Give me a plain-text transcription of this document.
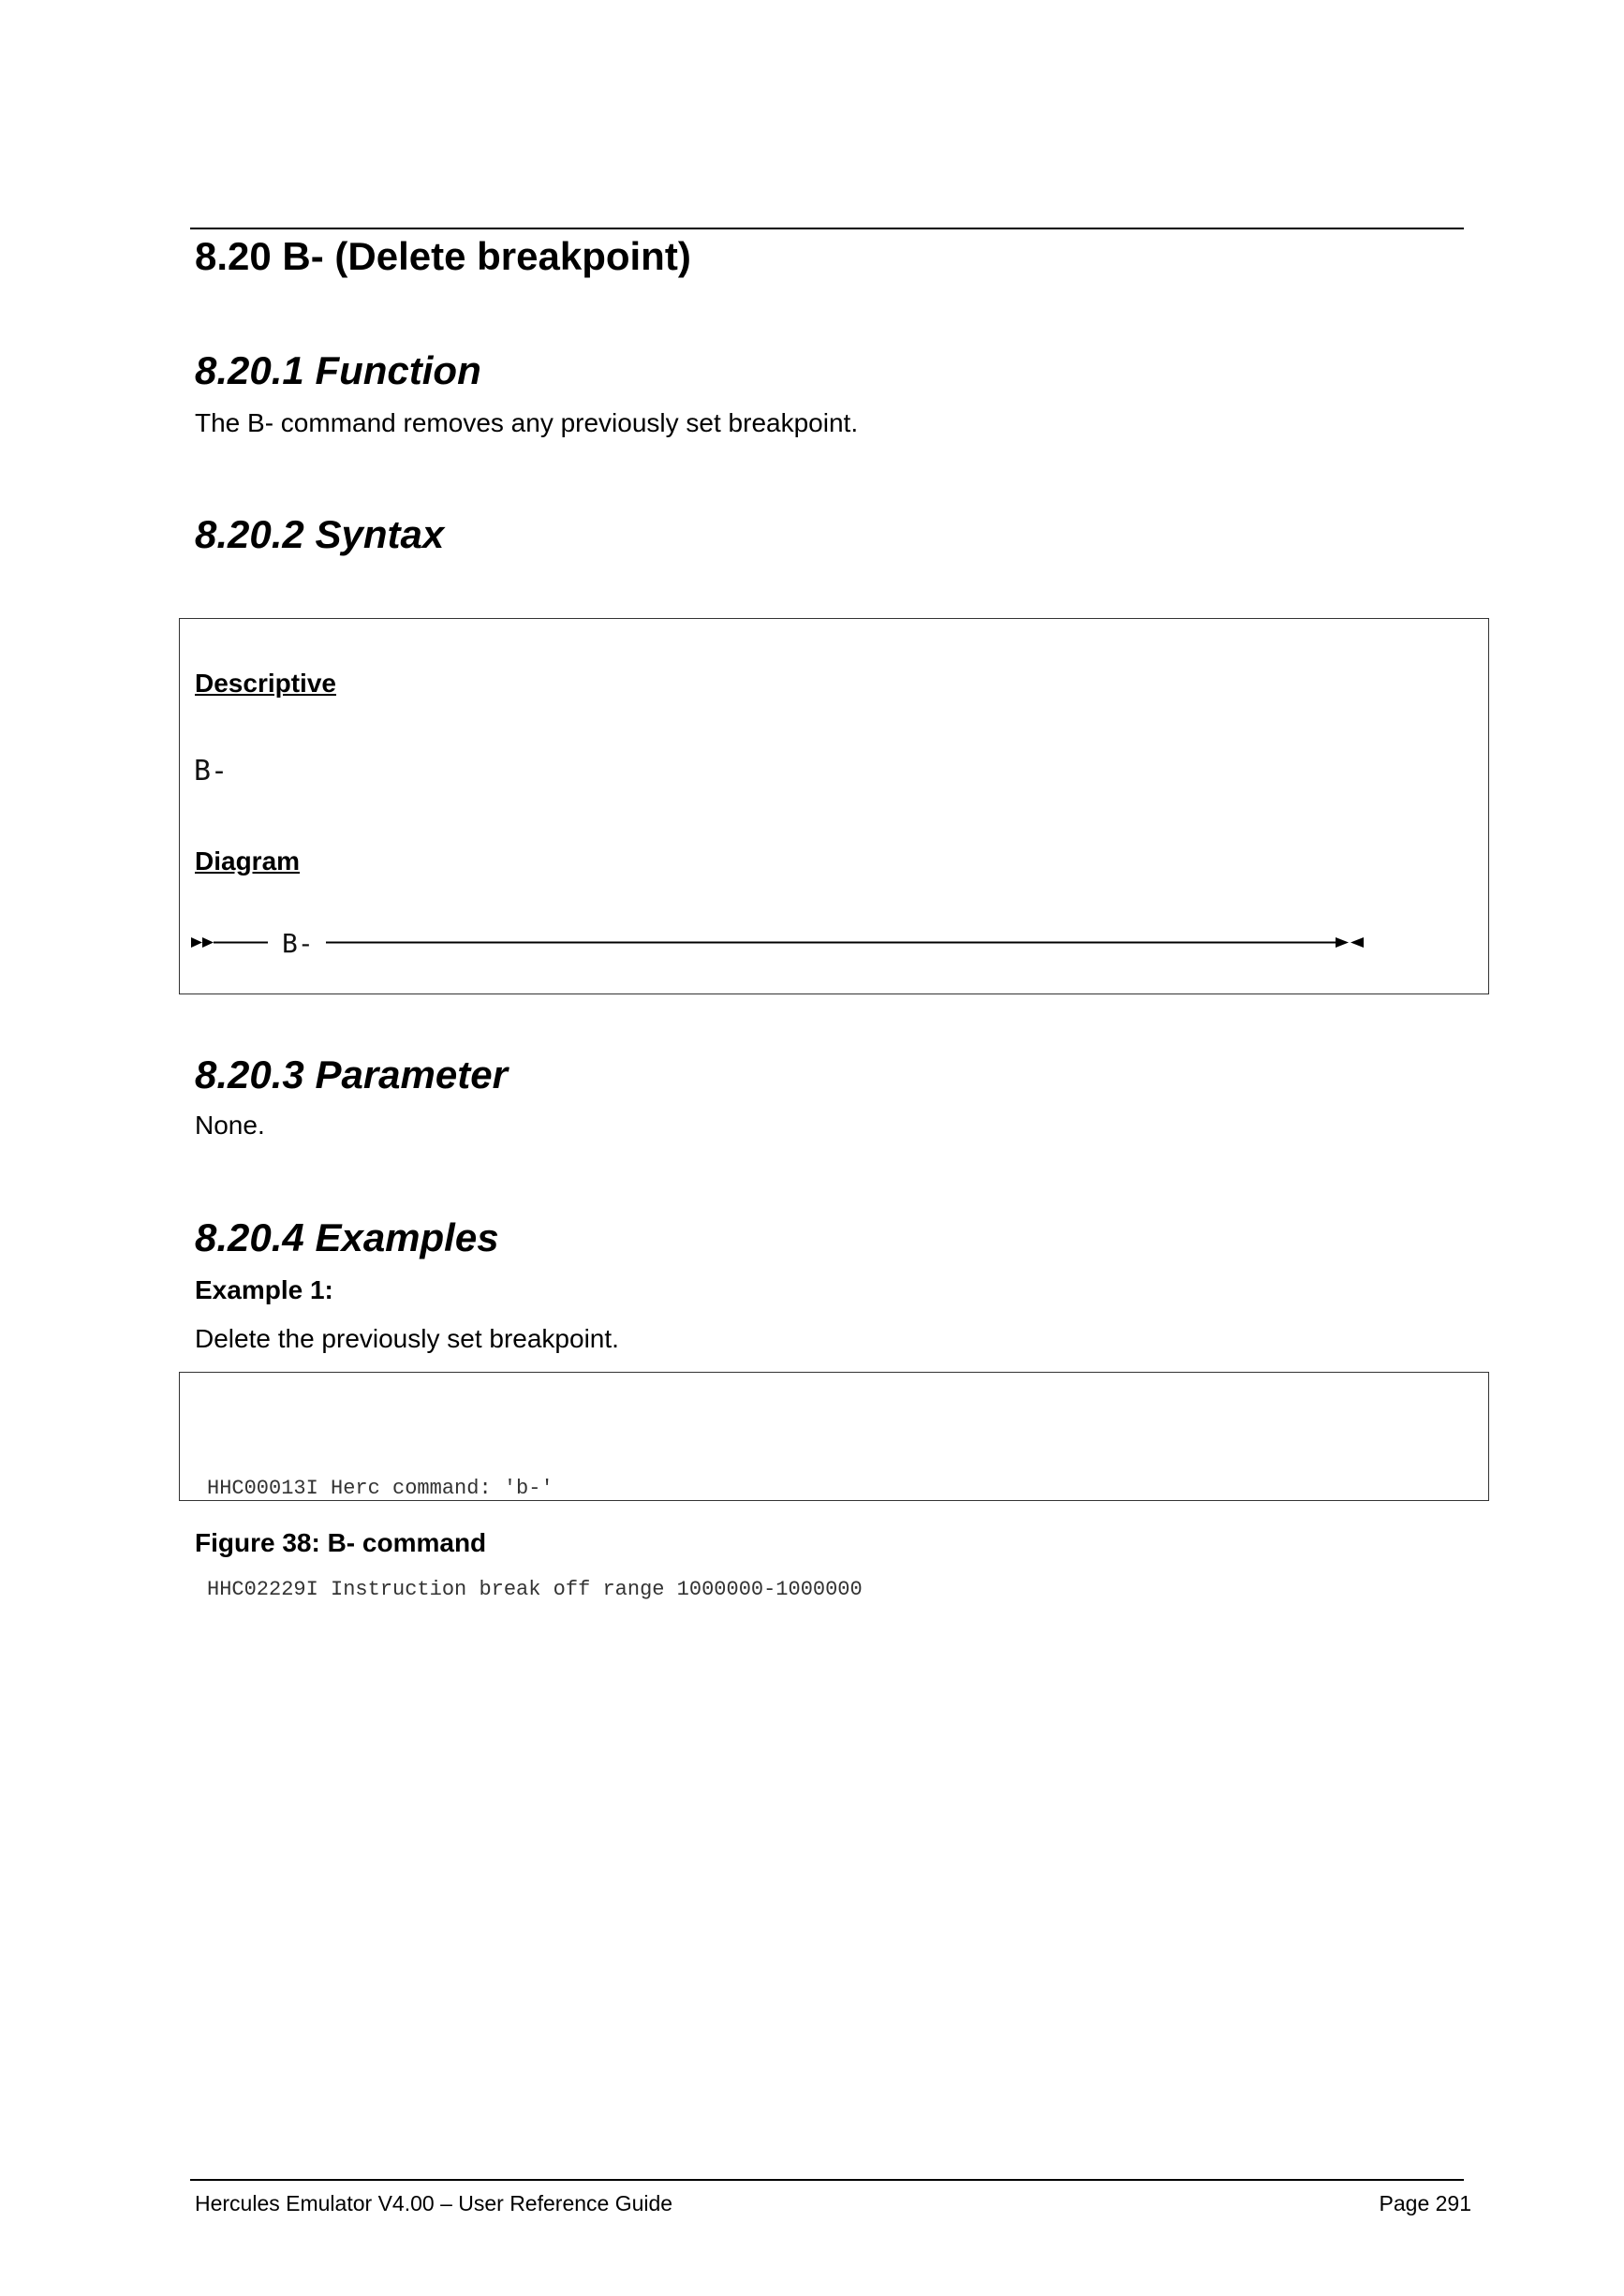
8.20 B- (Delete breakpoint)
8.20.1 Function

The B- command removes any previously set breakpoint.

8.20.2 Syntax

Descriptive

B-

Diagram

B-
8.20.3 Parameter

None.

8.20.4 Examples

Example 1:

Delete the previously set breakpoint.

HHC00013I Herc command: 'b-'

HHC02229I Instruction break off range 1000000-1000000

Figure 38: B- command

Hercules Emulator V4.00 – User Reference Guide	Page 291
